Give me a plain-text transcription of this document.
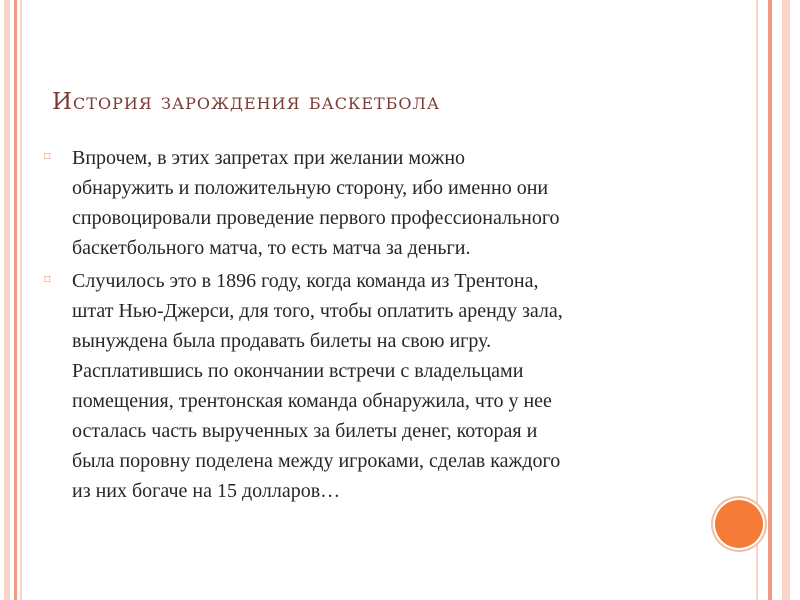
История зарождения баскетбола
⌑	Впрочем, в этих запретах при желании можно
обнаружить и положительную сторону, ибо именно они
спровоцировали проведение первого профессионального
баскетбольного матча, то есть матча за деньги.
⌑	Случилось это в 1896 году, когда команда из Трентона,
штат Нью-Джерси, для того, чтобы оплатить аренду зала,
вынуждена была продавать билеты на свою игру.
Расплатившись по окончании встречи с владельцами
помещения, трентонская команда обнаружила, что у нее
осталась часть вырученных за билеты денег, которая и
была поровну поделена между игроками, сделав каждого
из них богаче на 15 долларов…
